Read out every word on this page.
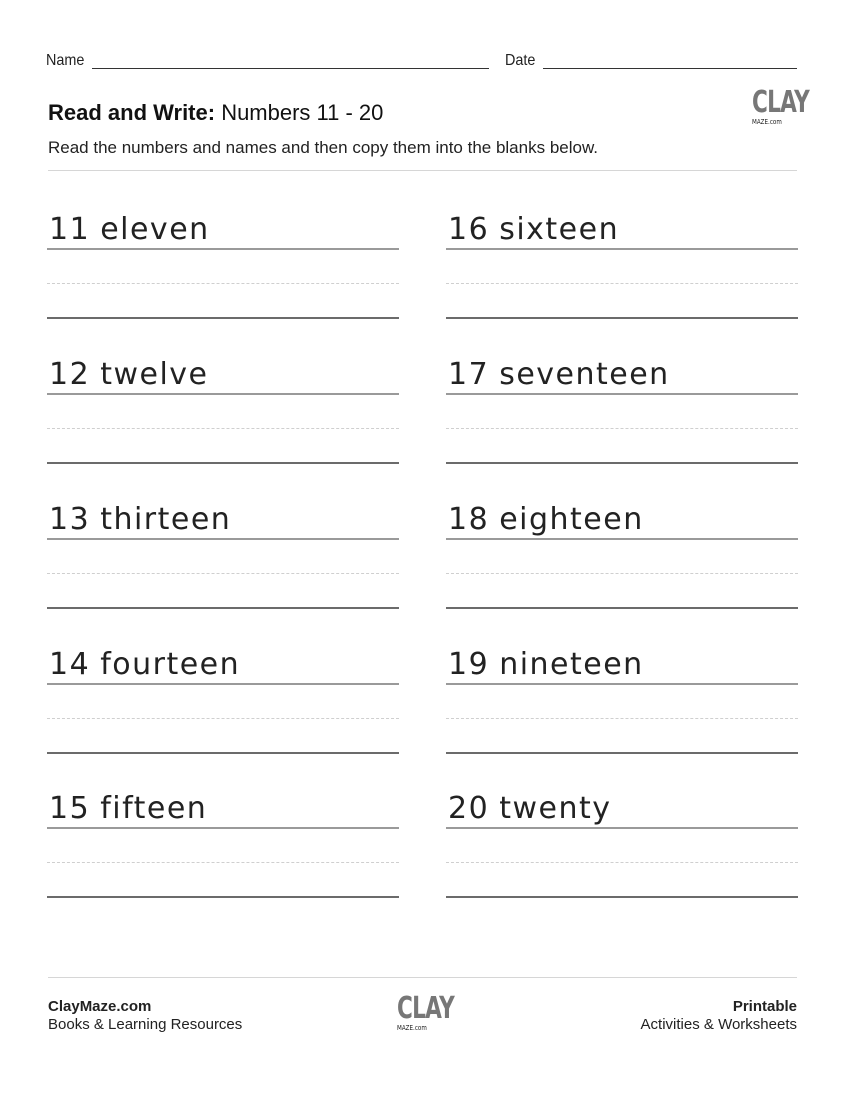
Name	Date
Read and Write: Numbers 11 - 20
Read the numbers and names and then copy them into the blanks below.
CLAY
$^{MAZE.com}$
11 eleven
12 twelve
13 thirteen
14 fourteen
15 fifteen
16 sixteen
17 seventeen
18 eighteen
19 nineteen
20 twenty
ClayMaze.com
Books & Learning Resources	CLAY
$^{MAZE.com}$
Printable
Activities & Worksheets
